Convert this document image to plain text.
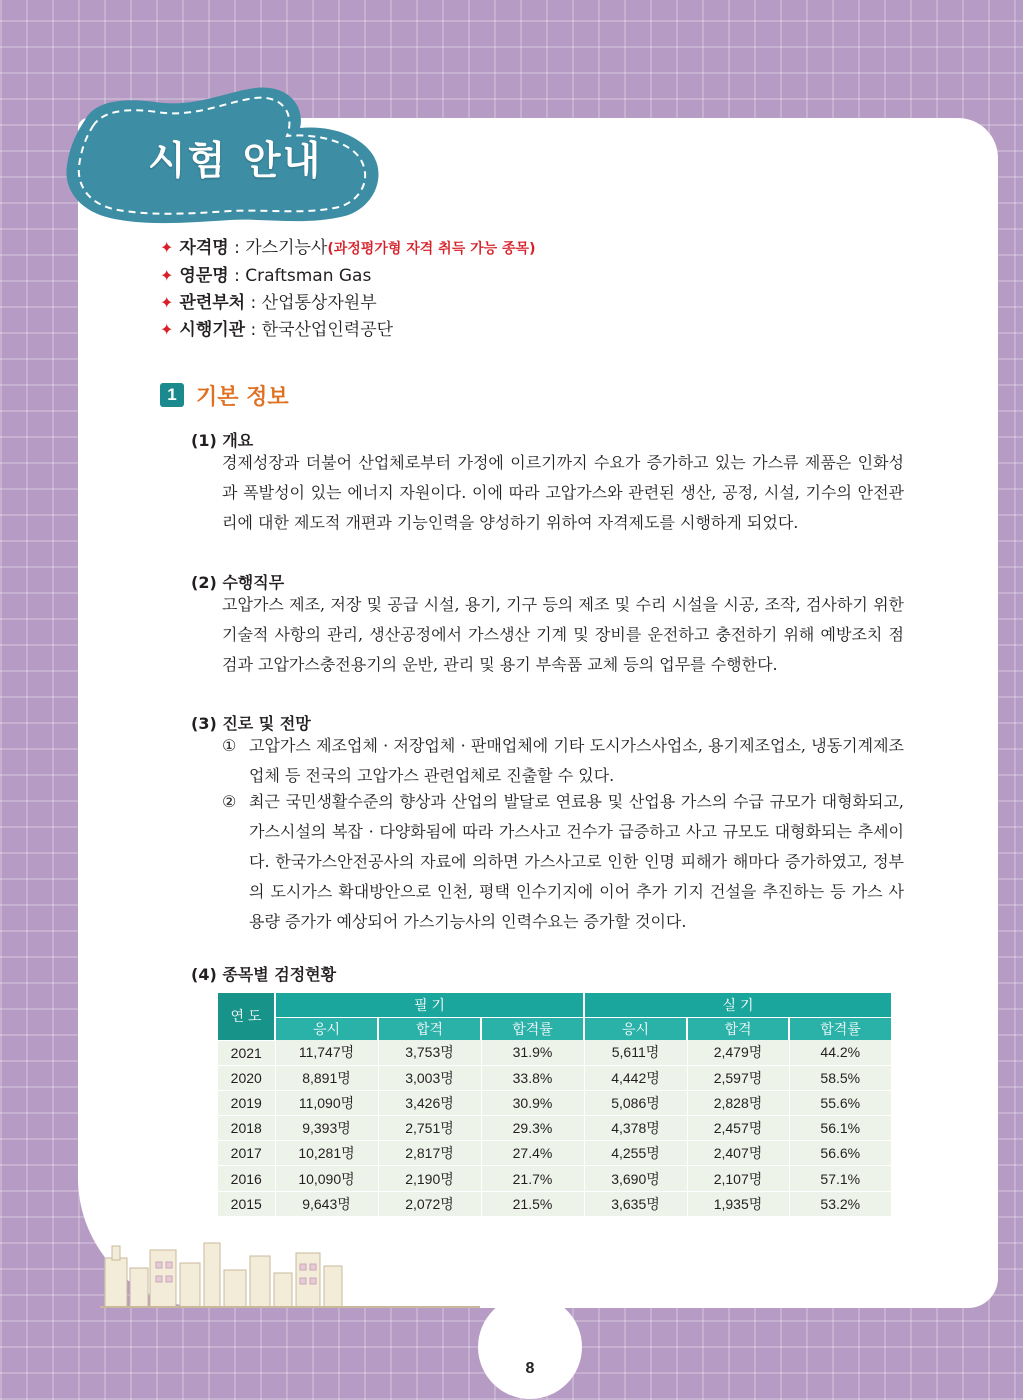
8
시험 안내
✦ 자격명 : 가스기능사(과정평가형 자격 취득 가능 종목)
✦ 영문명 : Craftsman Gas
✦ 관련부처 : 산업통상자원부
✦ 시행기관 : 한국산업인력공단
1 기본 정보
(1) 개요
경제성장과 더불어 산업체로부터 가정에 이르기까지 수요가 증가하고 있는 가스류 제품은 인화성과 폭발성이 있는 에너지 자원이다. 이에 따라 고압가스와 관련된 생산, 공정, 시설, 기수의 안전관리에 대한 제도적 개편과 기능인력을 양성하기 위하여 자격제도를 시행하게 되었다.
(2) 수행직무
고압가스 제조, 저장 및 공급 시설, 용기, 기구 등의 제조 및 수리 시설을 시공, 조작, 검사하기 위한 기술적 사항의 관리, 생산공정에서 가스생산 기계 및 장비를 운전하고 충전하기 위해 예방조치 점검과 고압가스충전용기의 운반, 관리 및 용기 부속품 교체 등의 업무를 수행한다.
(3) 진로 및 전망
① 고압가스 제조업체 · 저장업체 · 판매업체에 기타 도시가스사업소, 용기제조업소, 냉동기계제조업체 등 전국의 고압가스 관련업체로 진출할 수 있다.
② 최근 국민생활수준의 향상과 산업의 발달로 연료용 및 산업용 가스의 수급 규모가 대형화되고, 가스시설의 복잡 · 다양화됨에 따라 가스사고 건수가 급증하고 사고 규모도 대형화되는 추세이다. 한국가스안전공사의 자료에 의하면 가스사고로 인한 인명 피해가 해마다 증가하였고, 정부의 도시가스 확대방안으로 인천, 평택 인수기지에 이어 추가 기지 건설을 추진하는 등 가스 사용량 증가가 예상되어 가스기능사의 인력수요는 증가할 것이다.
(4) 종목별 검정현황
연 도	필 기			실 기		
	응시	합격	합격률	응시	합격	합격률
2021	11,747명	3,753명	31.9%	5,611명	2,479명	44.2%
2020	8,891명	3,003명	33.8%	4,442명	2,597명	58.5%
2019	11,090명	3,426명	30.9%	5,086명	2,828명	55.6%
2018	9,393명	2,751명	29.3%	4,378명	2,457명	56.1%
2017	10,281명	2,817명	27.4%	4,255명	2,407명	56.6%
2016	10,090명	2,190명	21.7%	3,690명	2,107명	57.1%
2015	9,643명	2,072명	21.5%	3,635명	1,935명	53.2%
